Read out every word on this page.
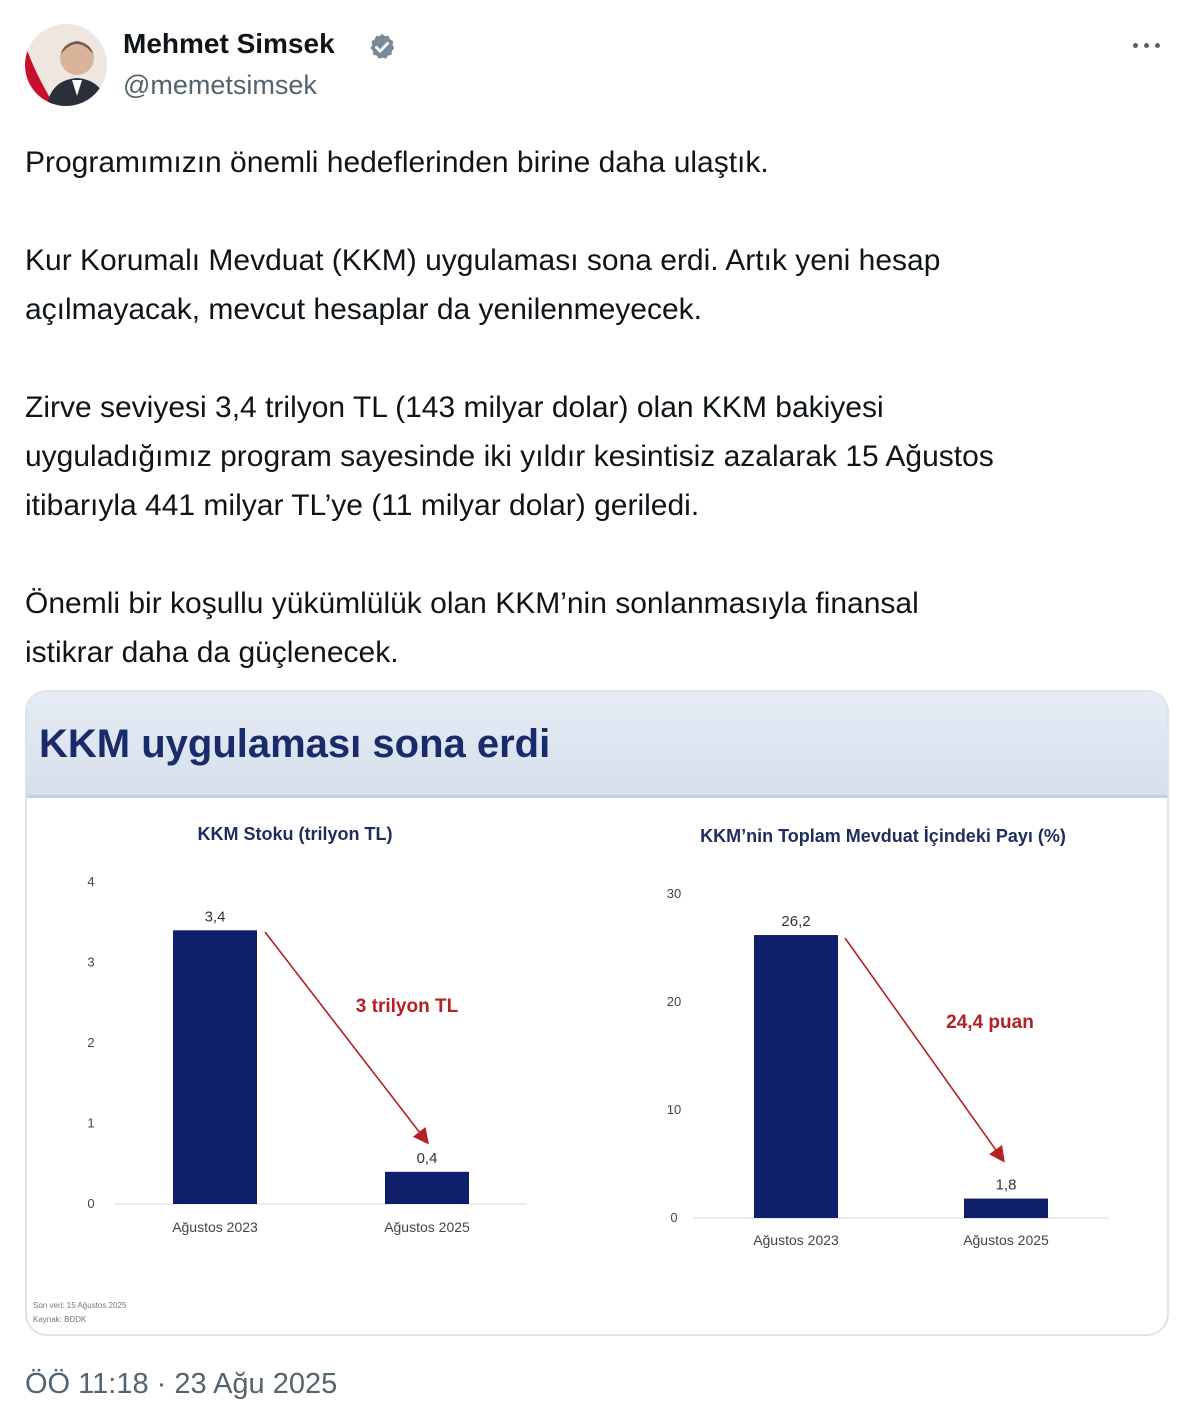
Mehmet Simsek
@memetsimsek

Programımızın önemli hedeflerinden birine daha ulaştık.

Kur Korumalı Mevduat (KKM) uygulaması sona erdi. Artık yeni hesap
açılmayacak, mevcut hesaplar da yenilenmeyecek.

Zirve seviyesi 3,4 trilyon TL (143 milyar dolar) olan KKM bakiyesi
uyguladığımız program sayesinde iki yıldır kesintisiz azalarak 15 Ağustos
itibarıyla 441 milyar TL’ye (11 milyar dolar) geriledi.

Önemli bir koşullu yükümlülük olan KKM’nin sonlanmasıyla finansal
istikrar daha da güçlenecek.

KKM uygulaması sona erdi
Son veri: 15 Ağustos 2025
Kaynak: BDDK
KKM Stoku (trilyon TL)
0
1
2
3
4
3,4
Ağustos 2023
0,4
Ağustos 2025
3 trilyon TL
KKM’nin Toplam Mevduat İçindeki Payı (%)
0
10
20
30
26,2
Ağustos 2023
1,8
Ağustos 2025
24,4 puan
ÖÖ 11:18 · 23 Ağu 2025
